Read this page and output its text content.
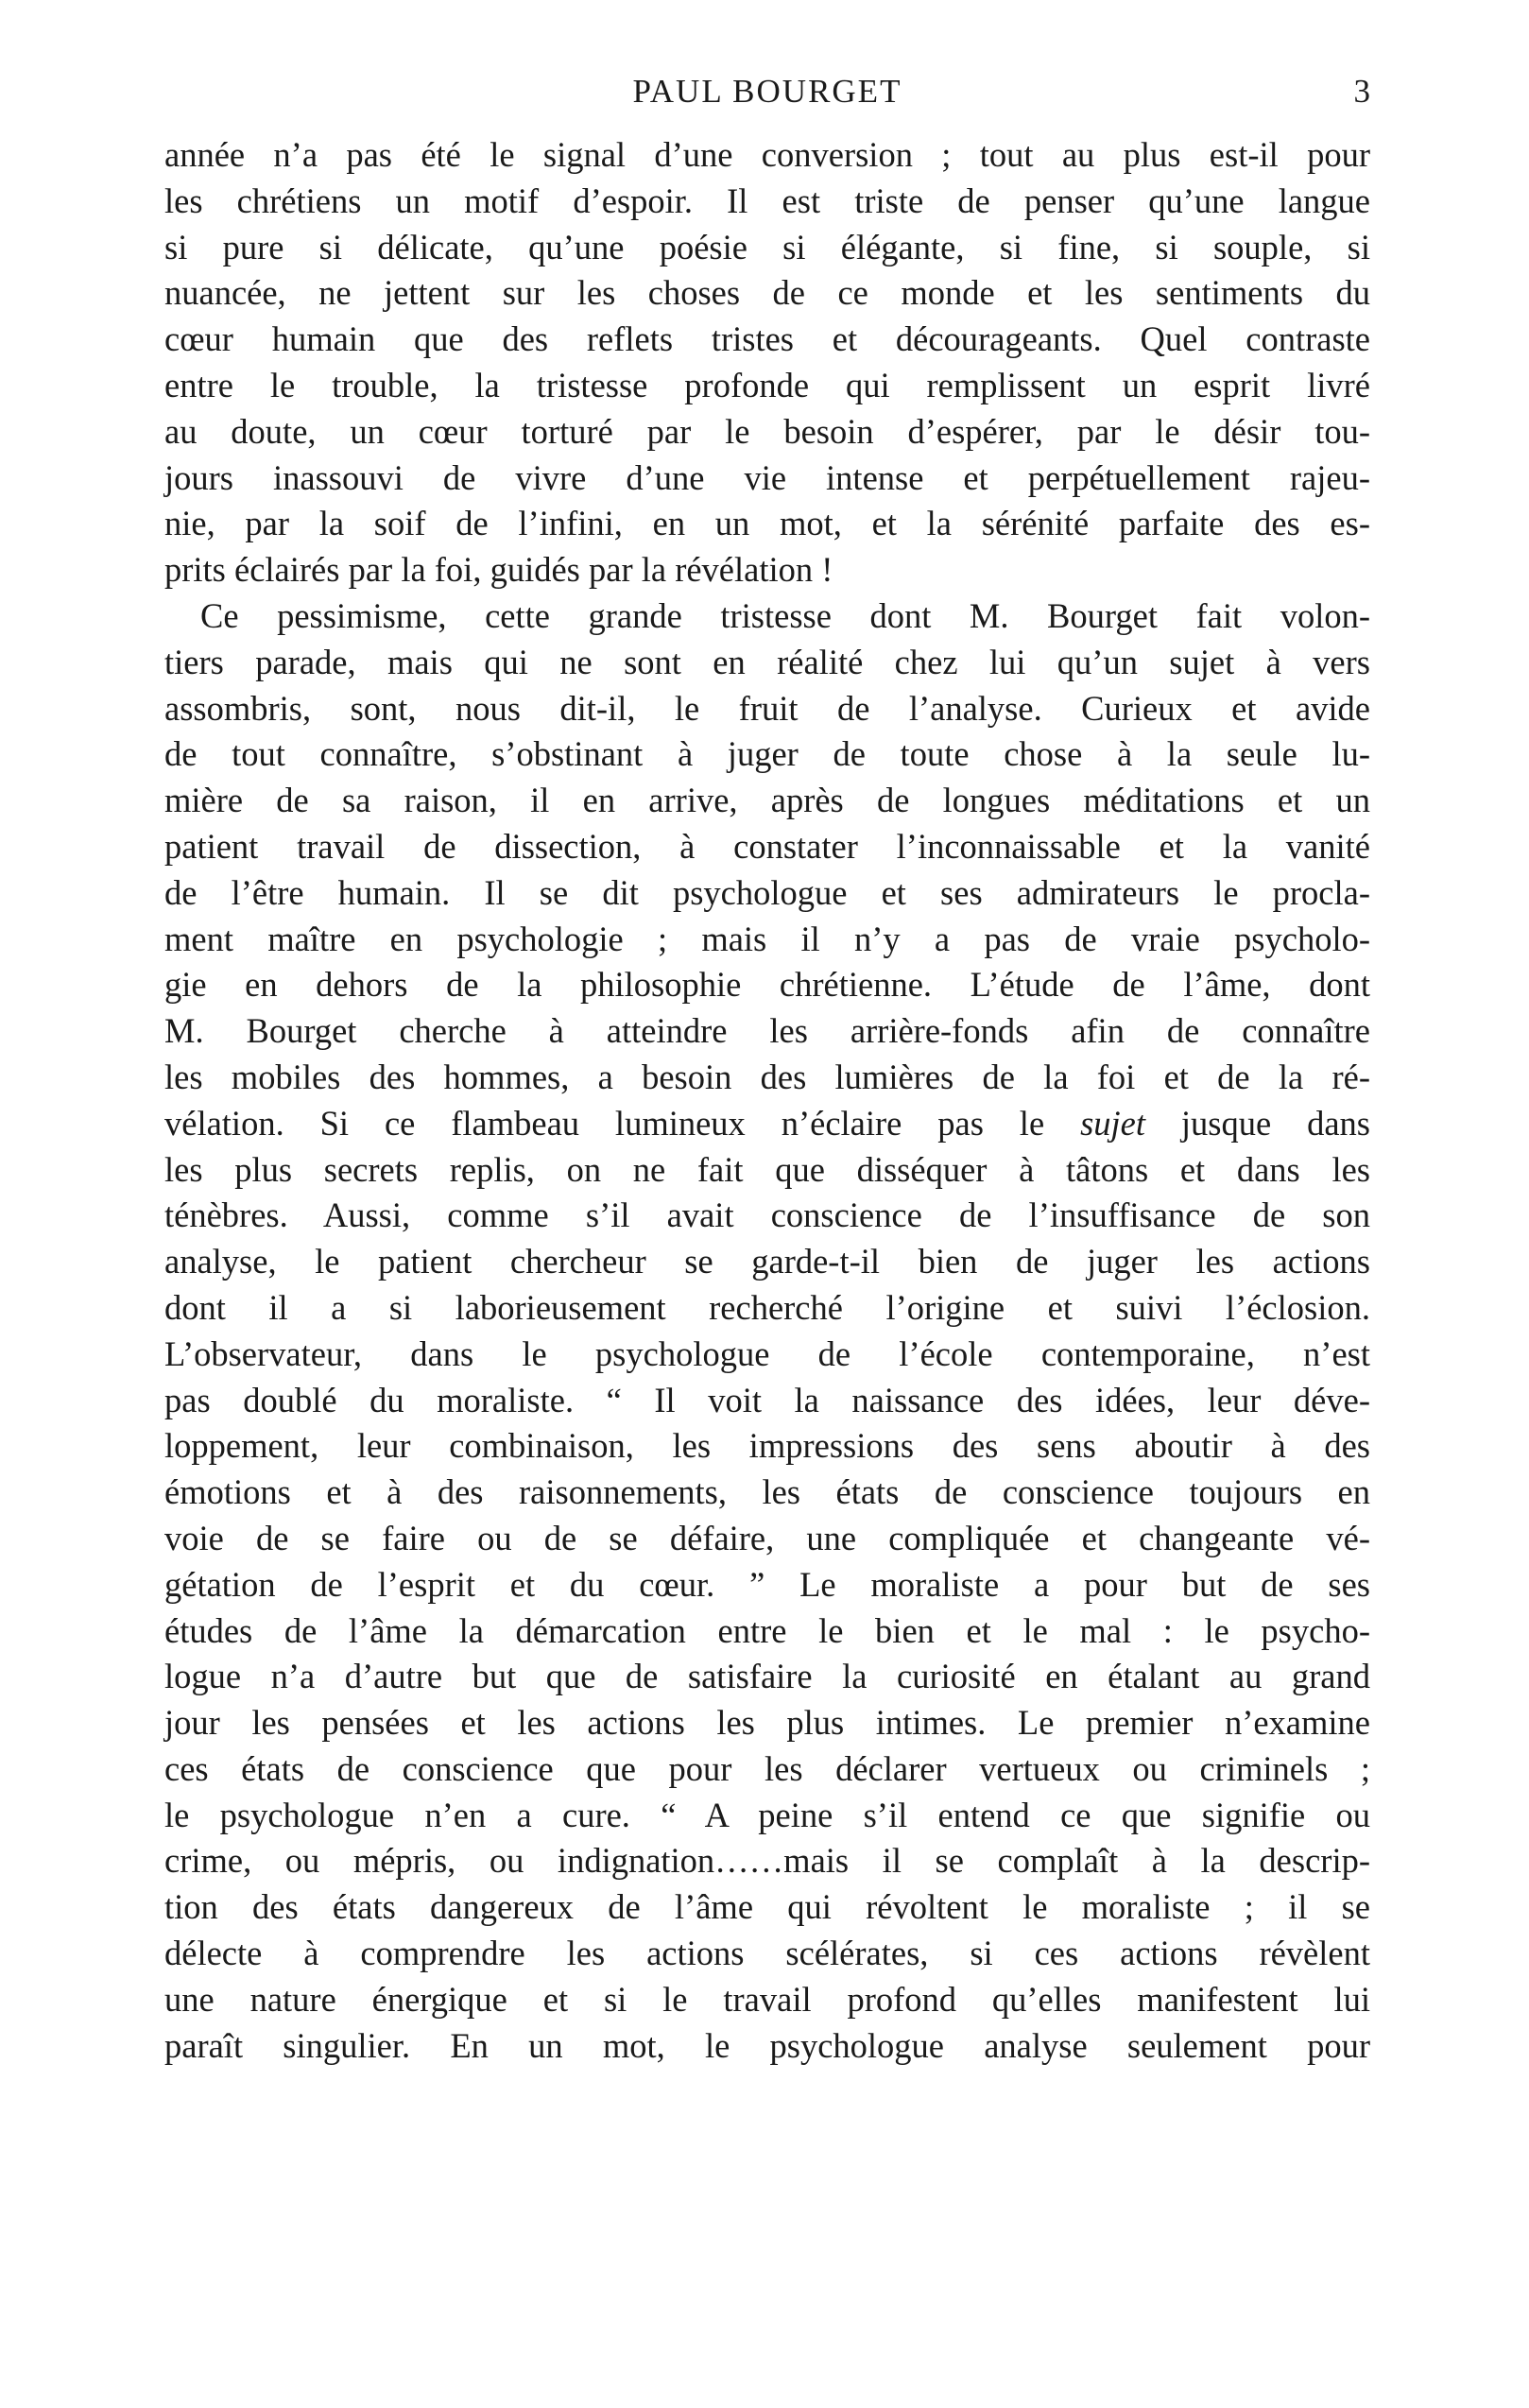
PAUL BOURGET	3
année n’a pas été le signal d’une conversion ; tout au plus est-il pour
les chrétiens un motif d’espoir. Il est triste de penser qu’une langue
si pure si délicate, qu’une poésie si élégante, si fine, si souple, si
nuancée, ne jettent sur les choses de ce monde et les sentiments du
cœur humain que des reflets tristes et décourageants. Quel contraste
entre le trouble, la tristesse profonde qui remplissent un esprit livré
au doute, un cœur torturé par le besoin d’espérer, par le désir tou-
jours inassouvi de vivre d’une vie intense et perpétuellement rajeu-
nie, par la soif de l’infini, en un mot, et la sérénité parfaite des es-
prits éclairés par la foi, guidés par la révélation !
Ce pessimisme, cette grande tristesse dont M. Bourget fait volon-
tiers parade, mais qui ne sont en réalité chez lui qu’un sujet à vers
assombris, sont, nous dit-il, le fruit de l’analyse. Curieux et avide
de tout connaître, s’obstinant à juger de toute chose à la seule lu-
mière de sa raison, il en arrive, après de longues méditations et un
patient travail de dissection, à constater l’inconnaissable et la vanité
de l’être humain. Il se dit psychologue et ses admirateurs le procla-
ment maître en psychologie ; mais il n’y a pas de vraie psycholo-
gie en dehors de la philosophie chrétienne. L’étude de l’âme, dont
M. Bourget cherche à atteindre les arrière-fonds afin de connaître
les mobiles des hommes, a besoin des lumières de la foi et de la ré-
vélation. Si ce flambeau lumineux n’éclaire pas le sujet jusque dans
les plus secrets replis, on ne fait que disséquer à tâtons et dans les
ténèbres. Aussi, comme s’il avait conscience de l’insuffisance de son
analyse, le patient chercheur se garde-t-il bien de juger les actions
dont il a si laborieusement recherché l’origine et suivi l’éclosion.
L’observateur, dans le psychologue de l’école contemporaine, n’est
pas doublé du moraliste. “ Il voit la naissance des idées, leur déve-
loppement, leur combinaison, les impressions des sens aboutir à des
émotions et à des raisonnements, les états de conscience toujours en
voie de se faire ou de se défaire, une compliquée et changeante vé-
gétation de l’esprit et du cœur. ” Le moraliste a pour but de ses
études de l’âme la démarcation entre le bien et le mal : le psycho-
logue n’a d’autre but que de satisfaire la curiosité en étalant au grand
jour les pensées et les actions les plus intimes. Le premier n’examine
ces états de conscience que pour les déclarer vertueux ou criminels ;
le psychologue n’en a cure. “ A peine s’il entend ce que signifie ou
crime, ou mépris, ou indignation……mais il se complaît à la descrip-
tion des états dangereux de l’âme qui révoltent le moraliste ; il se
délecte à comprendre les actions scélérates, si ces actions révèlent
une nature énergique et si le travail profond qu’elles manifestent lui
paraît singulier. En un mot, le psychologue analyse seulement pour
